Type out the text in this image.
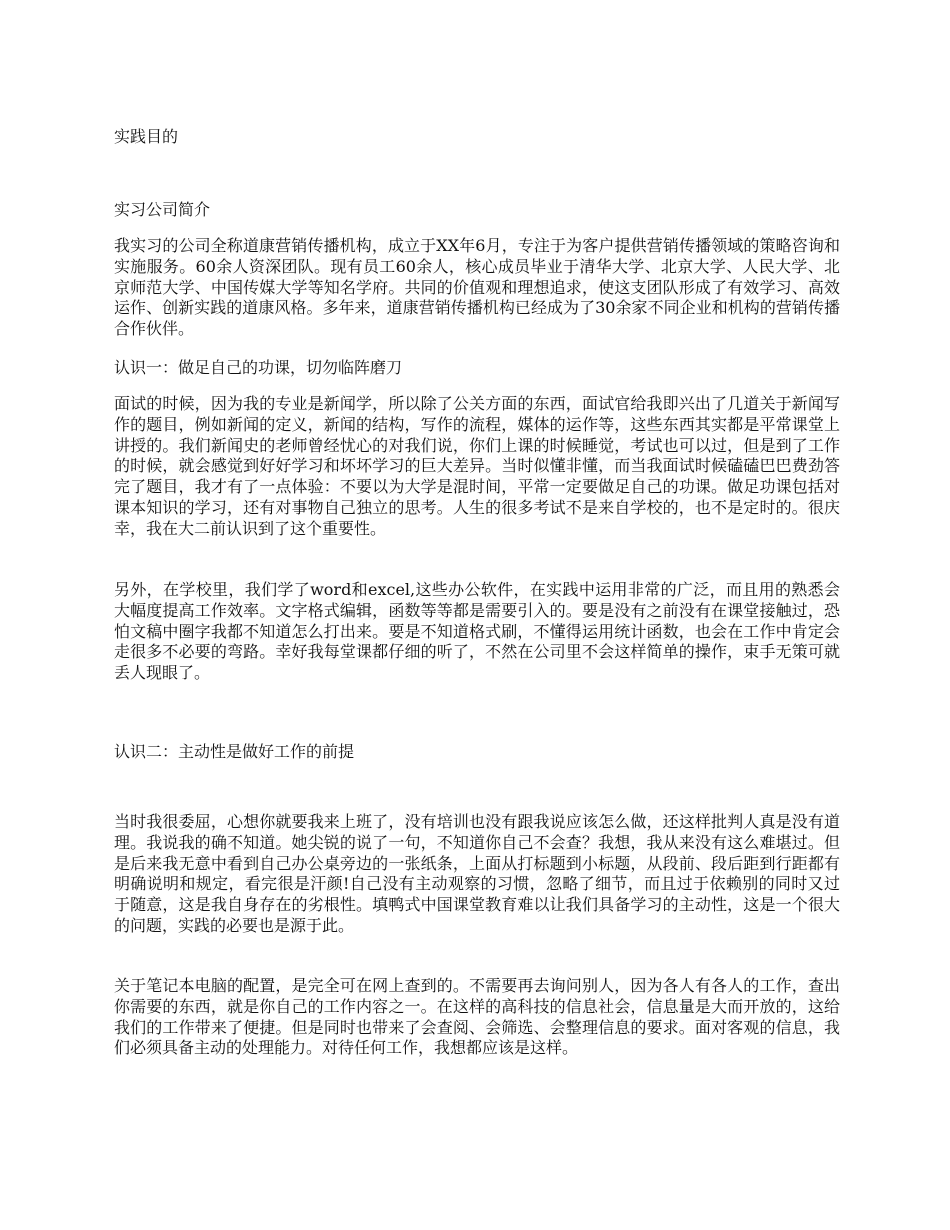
实践目的

实习公司简介

我实习的公司全称道康营销传播机构，成立于XX年6月，专注于为客户提供营销传播领域的策略咨询和实施服务。60余人资深团队。现有员工60余人，核心成员毕业于清华大学、北京大学、人民大学、北京师范大学、中国传媒大学等知名学府。共同的价值观和理想追求，使这支团队形成了有效学习、高效运作、创新实践的道康风格。多年来，道康营销传播机构已经成为了30余家不同企业和机构的营销传播合作伙伴。

认识一：做足自己的功课，切勿临阵磨刀

面试的时候，因为我的专业是新闻学，所以除了公关方面的东西，面试官给我即兴出了几道关于新闻写作的题目，例如新闻的定义，新闻的结构，写作的流程，媒体的运作等，这些东西其实都是平常课堂上讲授的。我们新闻史的老师曾经忧心的对我们说，你们上课的时候睡觉，考试也可以过，但是到了工作的时候，就会感觉到好好学习和坏坏学习的巨大差异。当时似懂非懂，而当我面试时候磕磕巴巴费劲答完了题目，我才有了一点体验：不要以为大学是混时间，平常一定要做足自己的功课。做足功课包括对课本知识的学习，还有对事物自己独立的思考。人生的很多考试不是来自学校的，也不是定时的。很庆幸，我在大二前认识到了这个重要性。

另外，在学校里，我们学了word和excel,这些办公软件，在实践中运用非常的广泛，而且用的熟悉会大幅度提高工作效率。文字格式编辑，函数等等都是需要引入的。要是没有之前没有在课堂接触过，恐怕文稿中圈字我都不知道怎么打出来。要是不知道格式刷，不懂得运用统计函数，也会在工作中肯定会走很多不必要的弯路。幸好我每堂课都仔细的听了，不然在公司里不会这样简单的操作，束手无策可就丢人现眼了。

认识二：主动性是做好工作的前提

当时我很委屈，心想你就要我来上班了，没有培训也没有跟我说应该怎么做，还这样批判人真是没有道理。我说我的确不知道。她尖锐的说了一句，不知道你自己不会查？我想，我从来没有这么难堪过。但是后来我无意中看到自己办公桌旁边的一张纸条，上面从打标题到小标题，从段前、段后距到行距都有明确说明和规定，看完很是汗颜!自己没有主动观察的习惯，忽略了细节，而且过于依赖别的同时又过于随意，这是我自身存在的劣根性。填鸭式中国课堂教育难以让我们具备学习的主动性，这是一个很大的问题，实践的必要也是源于此。

关于笔记本电脑的配置，是完全可在网上查到的。不需要再去询问别人，因为各人有各人的工作，查出你需要的东西，就是你自己的工作内容之一。在这样的高科技的信息社会，信息量是大而开放的，这给我们的工作带来了便捷。但是同时也带来了会查阅、会筛选、会整理信息的要求。面对客观的信息，我们必须具备主动的处理能力。对待任何工作，我想都应该是这样。
